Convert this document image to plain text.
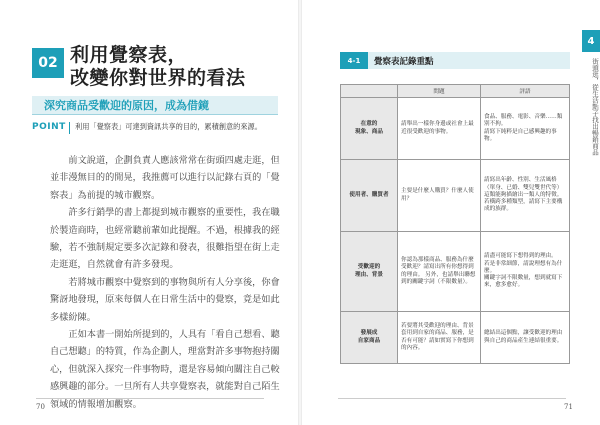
02 利用覺察表，
改變你對世界的看法
深究商品受歡迎的原因，成為借鏡
POINT 利用「覺察表」可達到資訊共享的目的，累積創意的來源。

前文說道，企劃負責人應該常常在街頭四處走逛，但並非漫無目的的閒晃，我推薦可以進行以記錄右頁的「覺察表」為前提的城市觀察。

許多行銷學的書上都提到城市觀察的重要性，我在職於製造商時，也經常聽前輩如此提醒。不過，根據我的經驗，若不強制規定要多次記錄和發表，很難指望在街上走走逛逛，自然就會有許多發現。

若將城市觀察中覺察到的事物與所有人分享後，你會驚訝地發現，原來每個人在日常生活中的覺察，竟是如此多樣紛陳。

正如本書一開始所提到的，人具有「看自己想看、聽自己想聽」的特質，作為企劃人，理當對許多事物抱持關心，但就深入探究一件事物時，還是容易傾向關注自己較感興趣的部分。一旦所有人共享覺察表，就能對自己陌生領域的情報增加觀察。

70
4
街頭逛，從生活點子找出暢銷商品
4-1	覺察表記錄重點
	問題	評語
在意的
現象、商品	請舉出一樣你身邊或社會上最近很受歡迎的事物。	食品、服務、電影、音樂……類別不拘。
請寫下純粹是自己感興趣的事物。
使用者、購買者	主要是什麼人購買？什麼人使用？	請寫出年齡、性別、生活風格（單身、已婚、雙兒雙世代等）這類能夠描繪出一類人的特徵。
若橫跨多種類型，請寫下主要構成的族群。
受歡迎的
理由、背景	你認為那樣商品、服務為什麼受歡迎？請寫出所有你想得到的理由。 另外，也請舉出聯想到的關鍵字詞（不限數量）。	請盡可能寫下想得到的理由。
若是非常細節，請說理想有為什麼。
關鍵字詞不限數量，想到就寫下來，愈多愈好。
發展成
自家商品	若要將其受歡迎的理由、背景套用到自家的商品、服務，是否有可能？請如實寫下你想到的內容。	總結出這個點，讓受歡迎的理由與自己的商品產生連結很重要。
71
